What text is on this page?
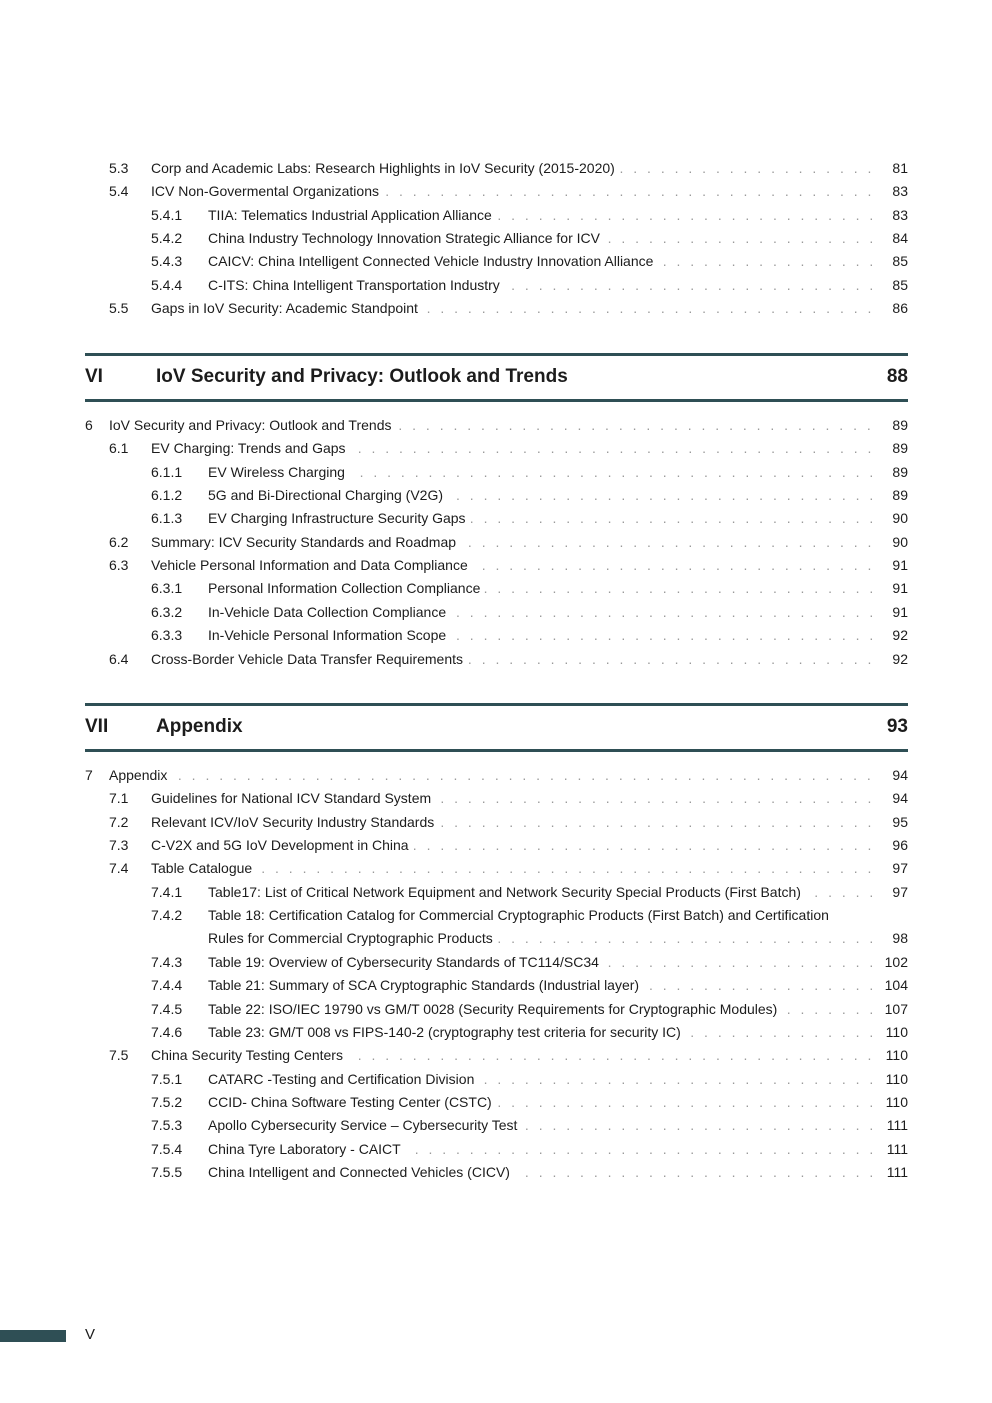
5.3 Corp and Academic Labs: Research Highlights in IoV Security (2015-2020) . . .	81
5.4 ICV Non-Govermental Organizations . . .	83
5.4.1 TIIA: Telematics Industrial Application Alliance . . .	83
5.4.2 China Industry Technology Innovation Strategic Alliance for ICV . . .	84
5.4.3 CAICV: China Intelligent Connected Vehicle Industry Innovation Alliance . . .	85
5.4.4 C-ITS: China Intelligent Transportation Industry . . .	85
5.5 Gaps in IoV Security: Academic Standpoint . . .	86
VI	IoV Security and Privacy: Outlook and Trends	88
6 IoV Security and Privacy: Outlook and Trends . . .	89
6.1 EV Charging: Trends and Gaps . . .	89
6.1.1 EV Wireless Charging . . .	89
6.1.2 5G and Bi-Directional Charging (V2G) . . .	89
6.1.3 EV Charging Infrastructure Security Gaps . . .	90
6.2 Summary: ICV Security Standards and Roadmap . . .	90
6.3 Vehicle Personal Information and Data Compliance . . .	91
6.3.1 Personal Information Collection Compliance . . .	91
6.3.2 In-Vehicle Data Collection Compliance . . .	91
6.3.3 In-Vehicle Personal Information Scope . . .	92
6.4 Cross-Border Vehicle Data Transfer Requirements . . .	92
VII	Appendix	93
7 Appendix . . .	94
7.1 Guidelines for National ICV Standard System . . .	94
7.2 Relevant ICV/IoV Security Industry Standards . . .	95
7.3 C-V2X and 5G IoV Development in China . . .	96
7.4 Table Catalogue . . .	97
7.4.1 Table17: List of Critical Network Equipment and Network Security Special Products (First Batch) . . .	97
7.4.2 Table 18: Certification Catalog for Commercial Cryptographic Products (First Batch) and Certification
Rules for Commercial Cryptographic Products . . .	98
7.4.3 Table 19: Overview of Cybersecurity Standards of TC114/SC34 . . .	102
7.4.4 Table 21: Summary of SCA Cryptographic Standards (Industrial layer) . . .	104
7.4.5 Table 22: ISO/IEC 19790 vs GM/T 0028 (Security Requirements for Cryptographic Modules) . . .	107
7.4.6 Table 23: GM/T 008 vs FIPS-140-2 (cryptography test criteria for security IC) . . .	110
7.5 China Security Testing Centers . . .	110
7.5.1 CATARC -Testing and Certification Division . . .	110
7.5.2 CCID- China Software Testing Center (CSTC) . . .	110
7.5.3 Apollo Cybersecurity Service – Cybersecurity Test . . .	111
7.5.4 China Tyre Laboratory - CAICT . . .	111
7.5.5 China Intelligent and Connected Vehicles (CICV) . . .	111
V
